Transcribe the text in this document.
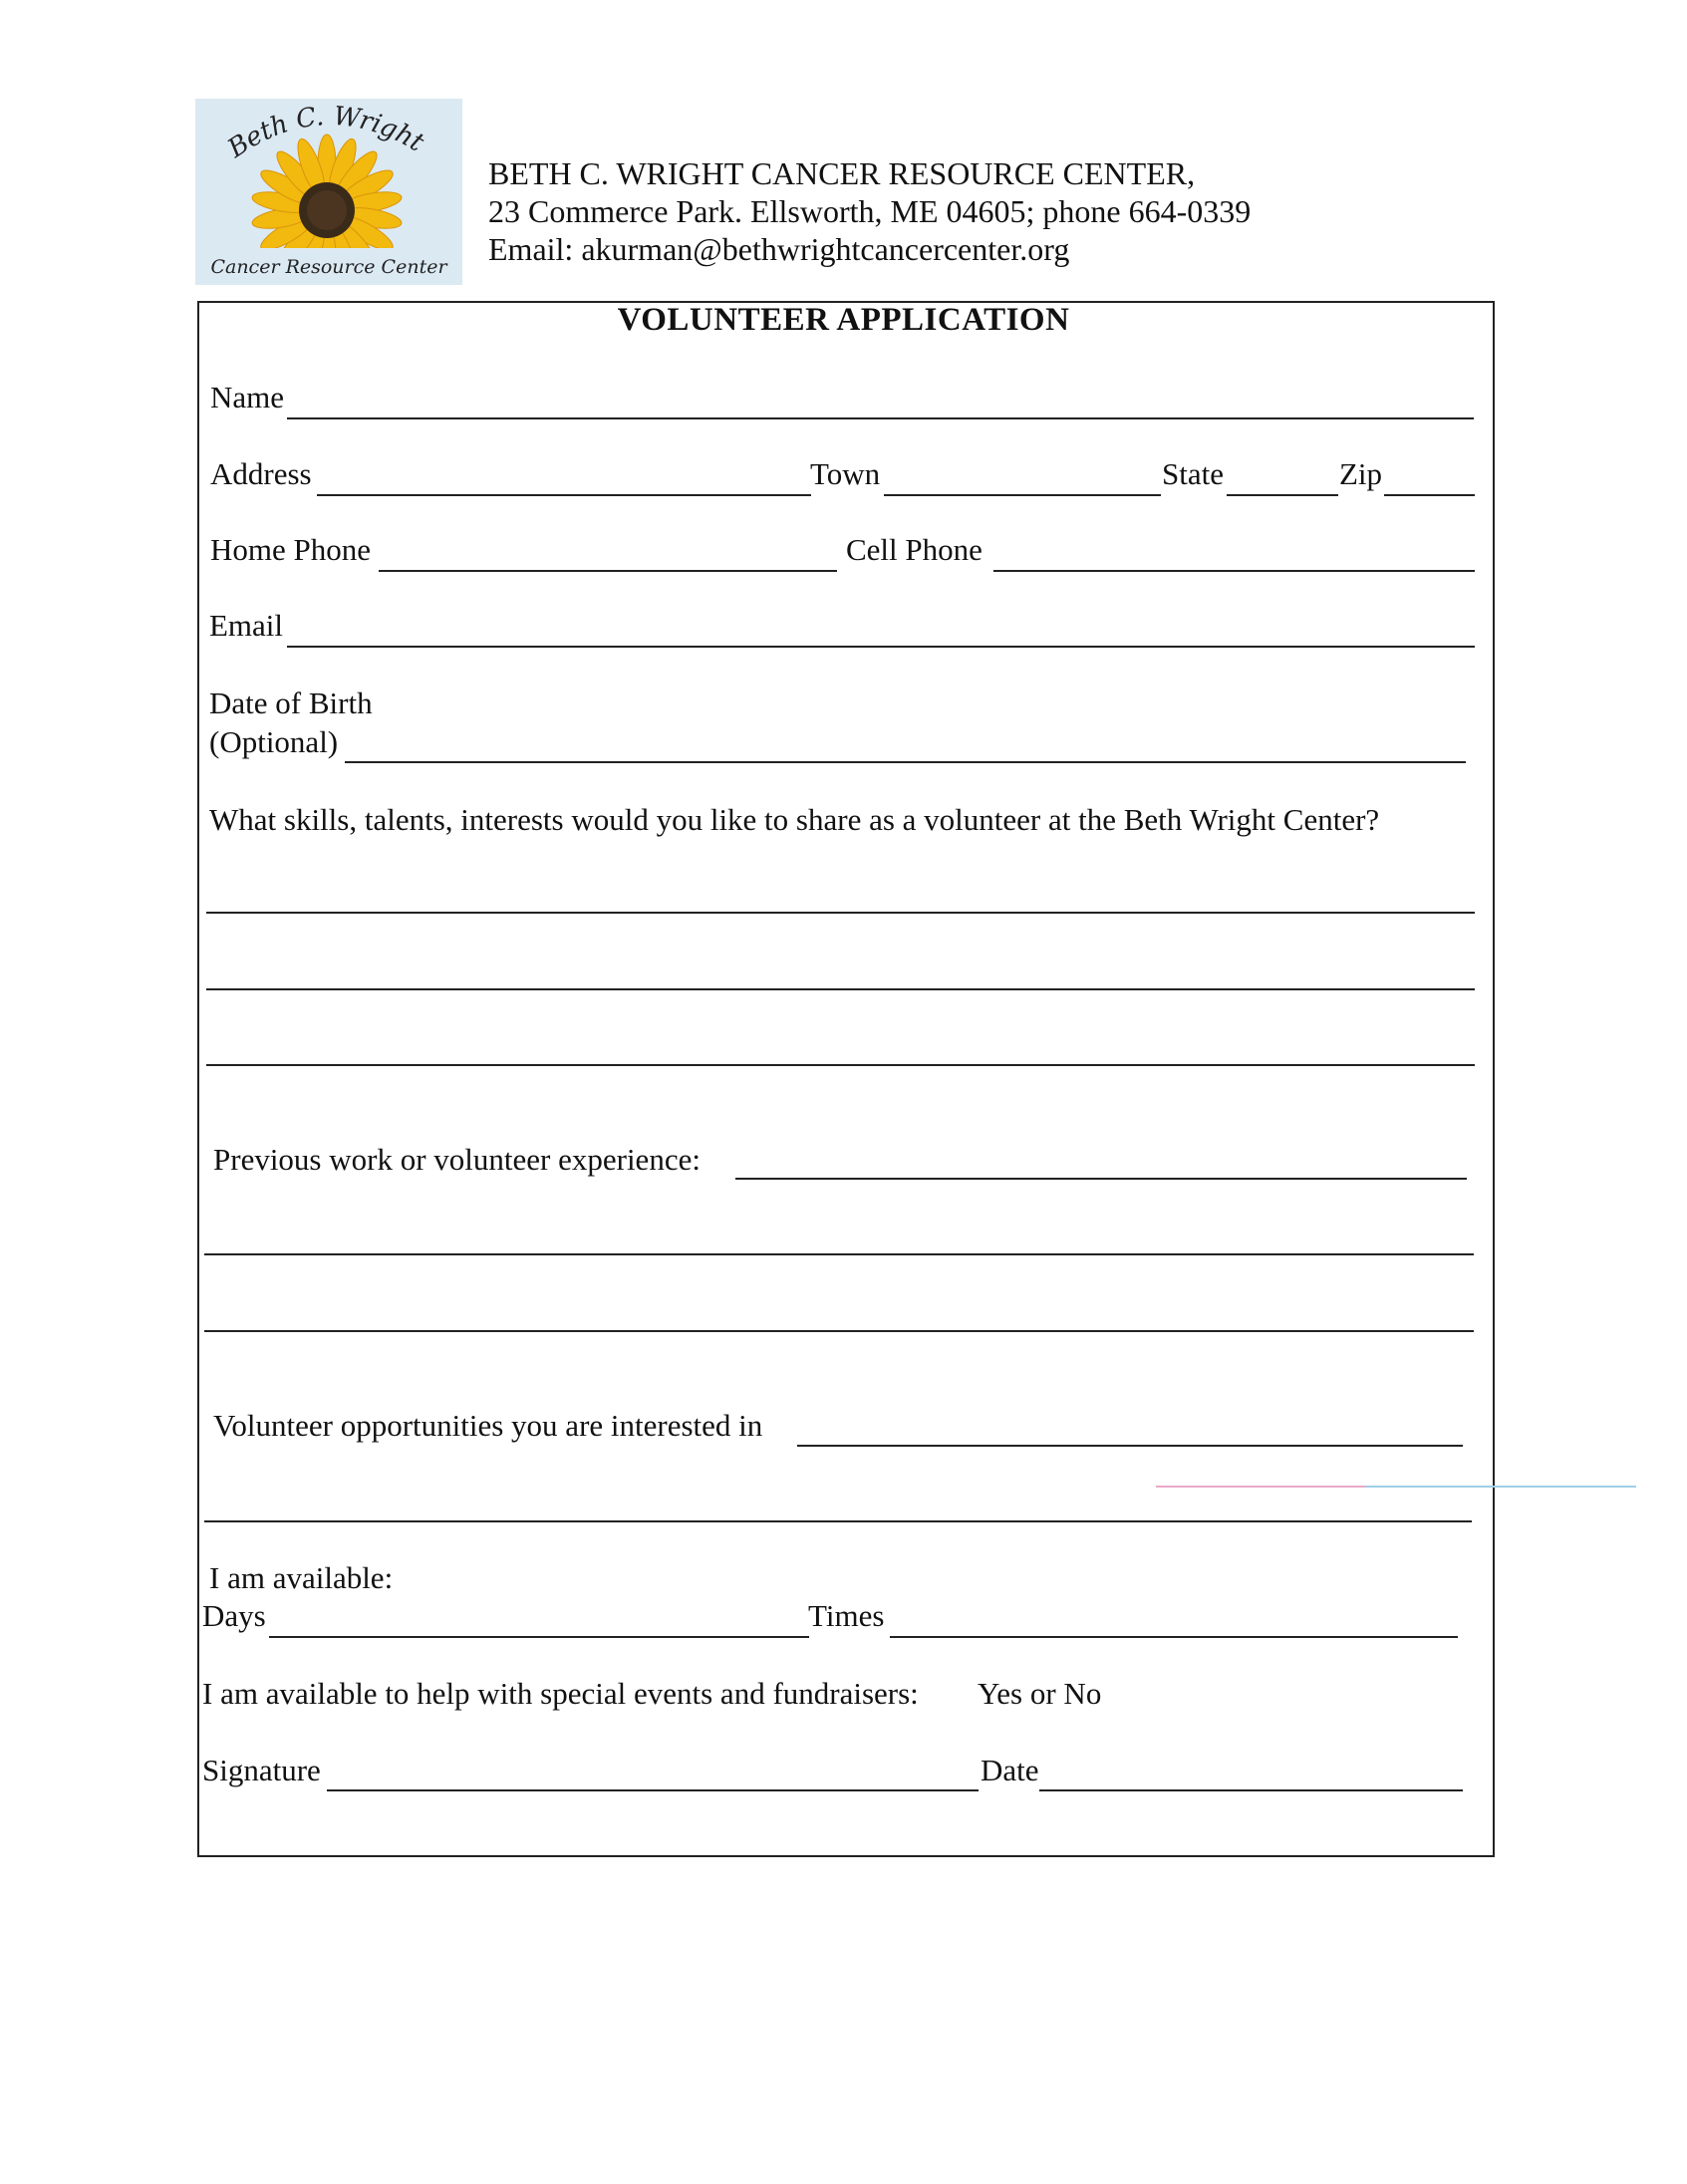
Beth C. Wright
Cancer Resource Center
BETH C. WRIGHT CANCER RESOURCE CENTER,
23 Commerce Park. Ellsworth, ME 04605; phone 664-0339
Email: akurman@bethwrightcancercenter.org
VOLUNTEER APPLICATION
Name
Address	Town	State	Zip
Home Phone	Cell Phone
Email
Date of Birth
(Optional)
What skills, talents, interests would you like to share as a volunteer at the Beth Wright Center?
Previous work or volunteer experience:
Volunteer opportunities you are interested in
I am available:
Days	Times
I am available to help with special events and fundraisers: Yes or No
Signature	Date
